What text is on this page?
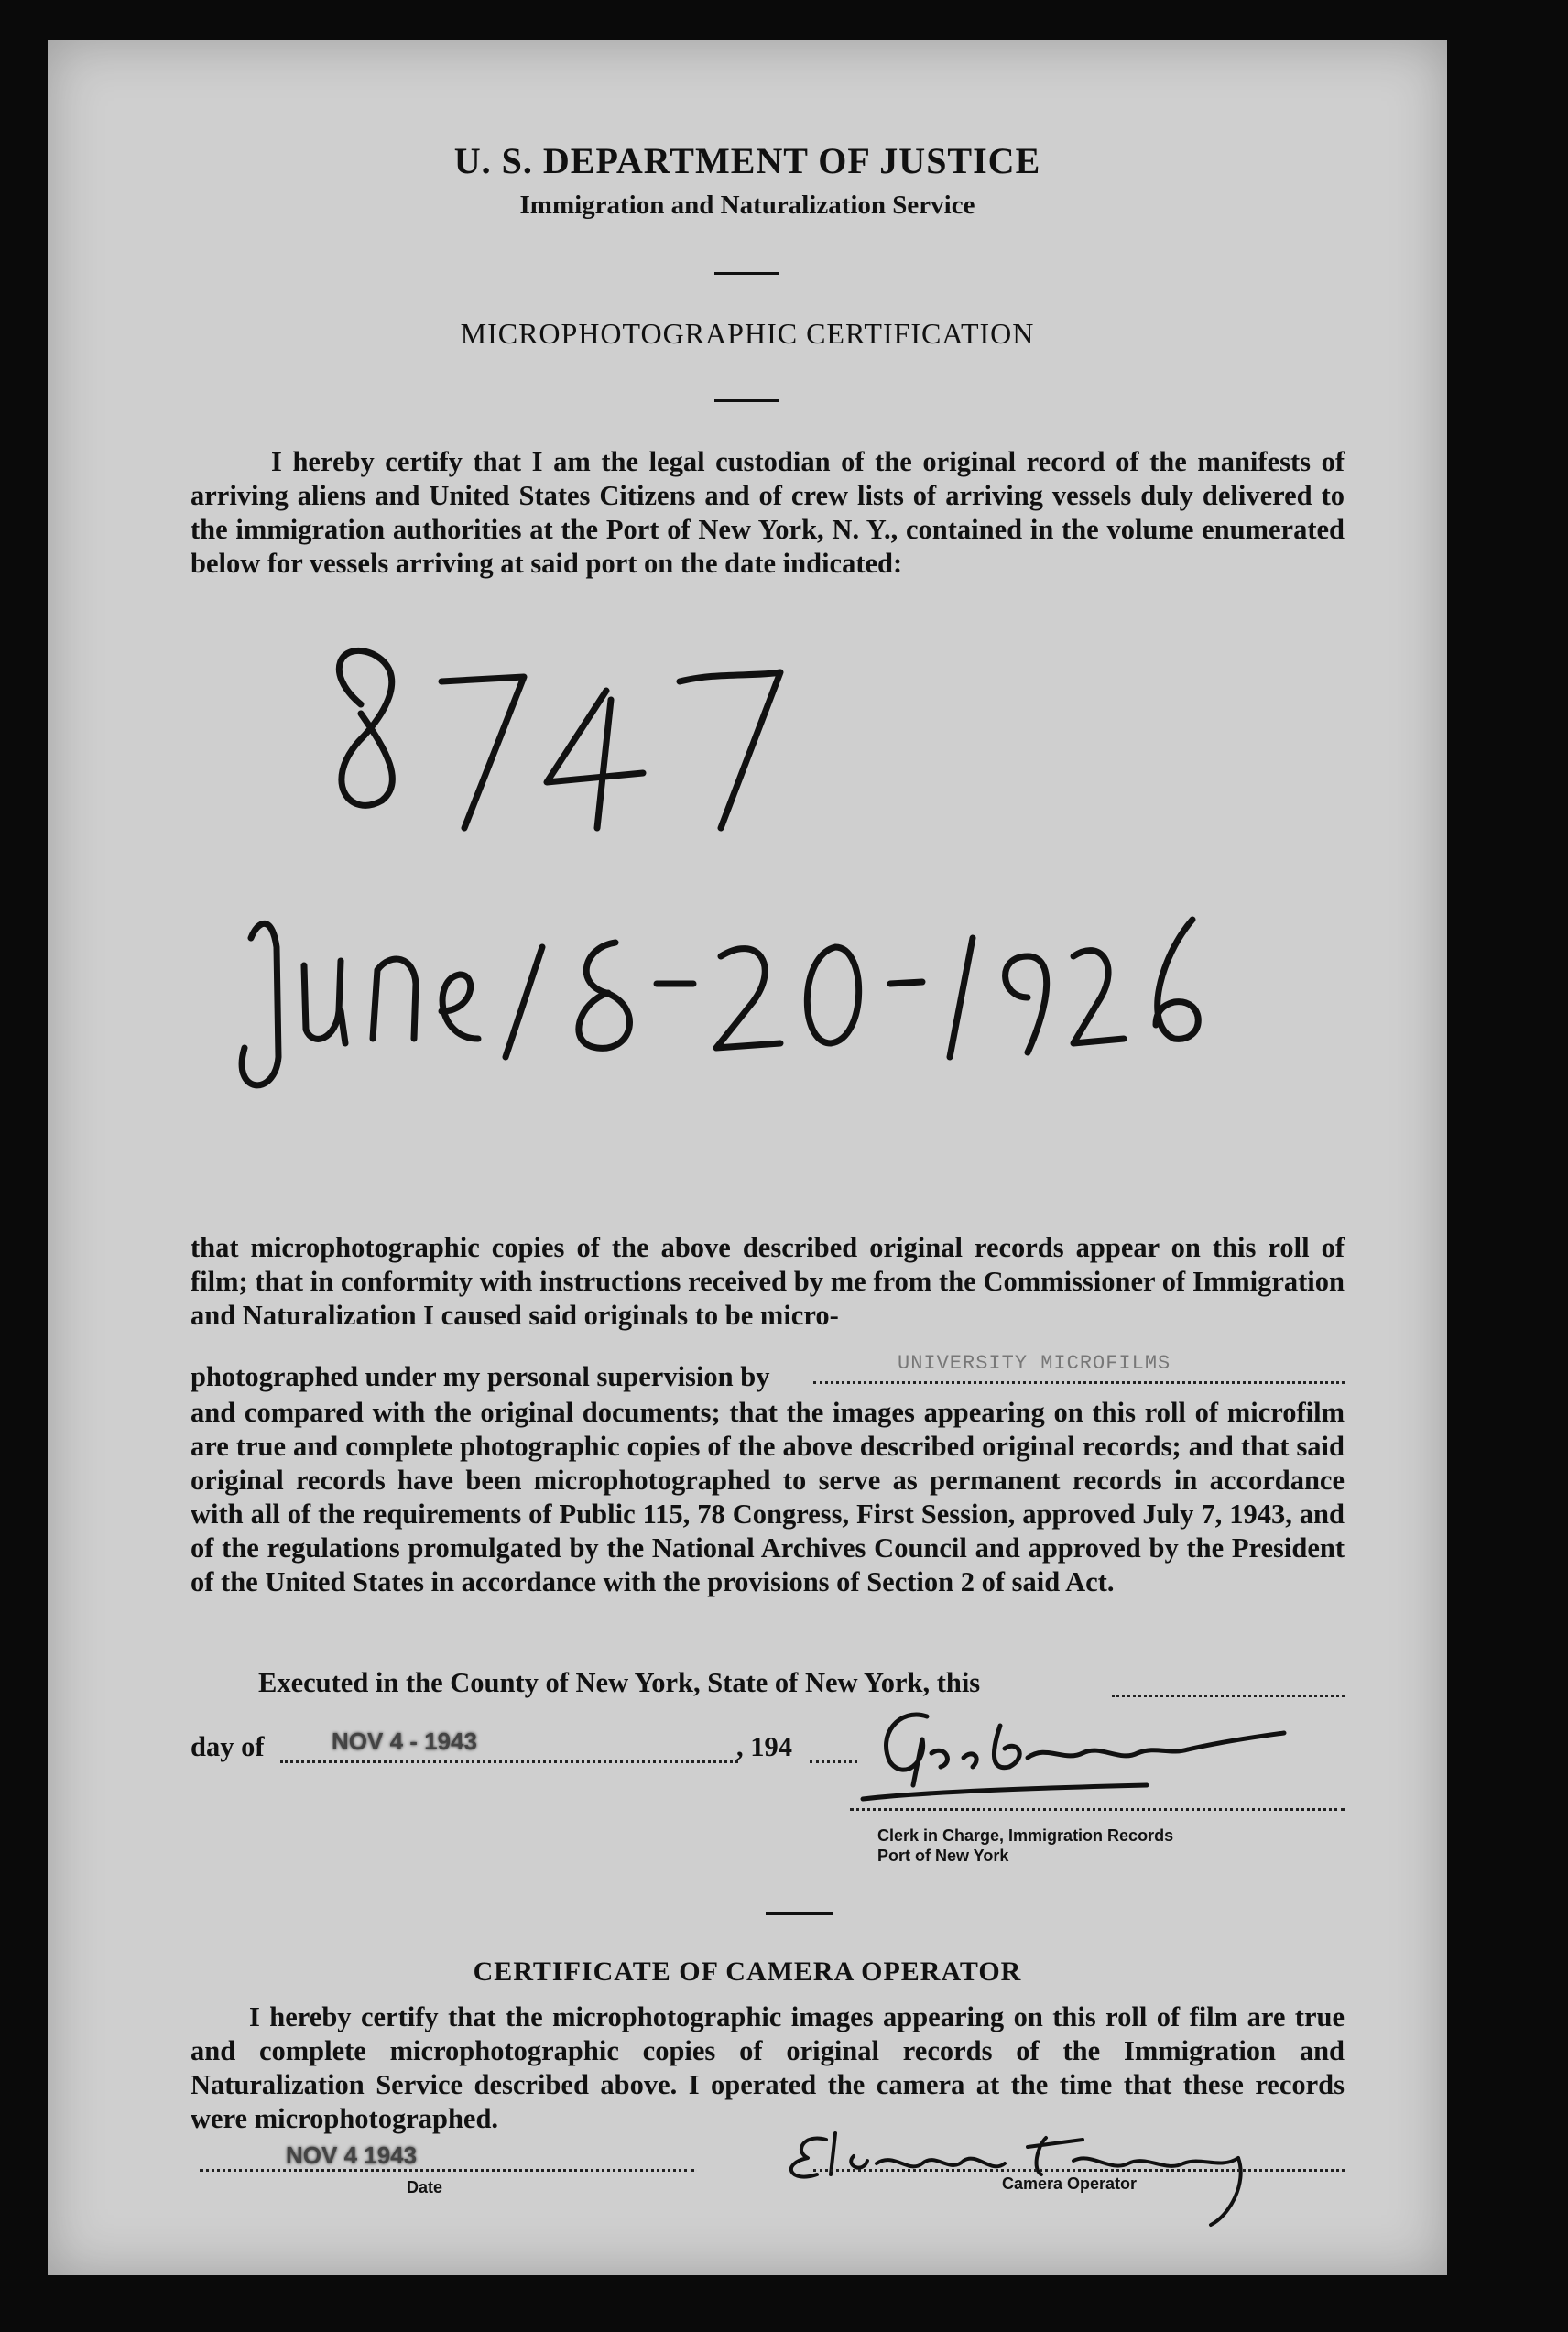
U. S. DEPARTMENT OF JUSTICE
Immigration and Naturalization Service
MICROPHOTOGRAPHIC CERTIFICATION
I hereby certify that I am the legal custodian of the original record of the manifests of arriving aliens and United States Citizens and of crew lists of arriving vessels duly delivered to the immigration authorities at the Port of New York, N. Y., contained in the volume enumerated below for vessels arriving at said port on the date indicated:
that microphotographic copies of the above described original records appear on this roll of film; that in conformity with instructions received by me from the Commissioner of Immigration and Naturalization I caused said originals to be micro-
photographed under my personal supervision by	UNIVERSITY MICROFILMS
and compared with the original documents; that the images appearing on this roll of microfilm are true and complete photographic copies of the above described original records; and that said original records have been microphotographed to serve as permanent records in accordance with all of the requirements of Public 115, 78 Congress, First Session, approved July 7, 1943, and of the regulations promulgated by the National Archives Council and approved by the President of the United States in accordance with the provisions of Section 2 of said Act.
Executed in the County of New York, State of New York, this
day of	NOV 4 - 1943	, 194
Clerk in Charge, Immigration Records
Port of New York
CERTIFICATE OF CAMERA OPERATOR
I hereby certify that the microphotographic images appearing on this roll of film are true and complete microphotographic copies of original records of the Immigration and Naturalization Service described above. I operated the camera at the time that these records were microphotographed.
NOV 4 1943
Date	Camera Operator
